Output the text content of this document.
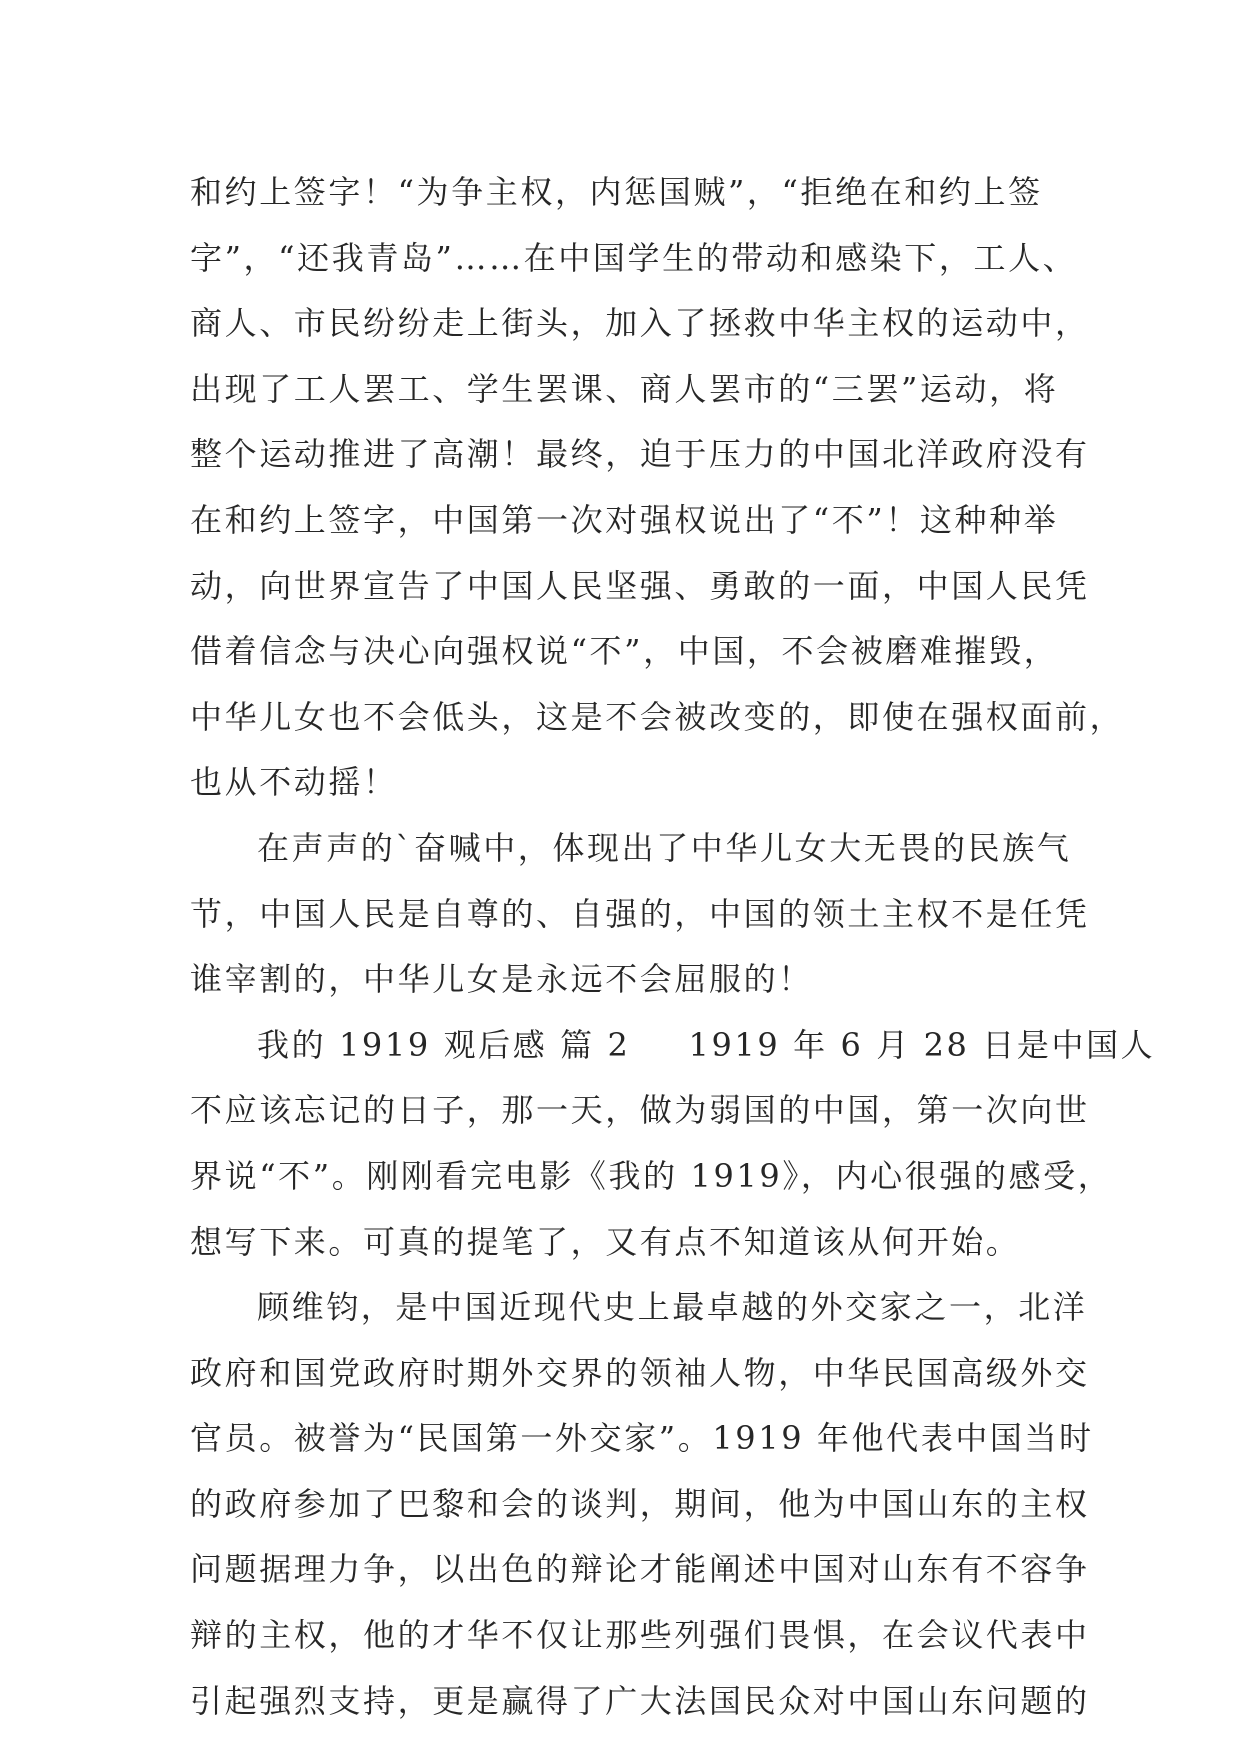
和约上签字！“为争主权，内惩国贼”，“拒绝在和约上签

字”，“还我青岛”……在中国学生的带动和感染下，工人、

商人、市民纷纷走上街头，加入了拯救中华主权的运动中，

出现了工人罢工、学生罢课、商人罢市的“三罢”运动，将

整个运动推进了高潮！最终，迫于压力的中国北洋政府没有

在和约上签字，中国第一次对强权说出了“不”！这种种举

动，向世界宣告了中国人民坚强、勇敢的一面，中国人民凭

借着信念与决心向强权说“不”，中国，不会被磨难摧毁，

中华儿女也不会低头，这是不会被改变的，即使在强权面前，

也从不动摇！

在声声的`奋喊中，体现出了中华儿女大无畏的民族气

节，中国人民是自尊的、自强的，中国的领土主权不是任凭

谁宰割的，中华儿女是永远不会屈服的！

我的 1919 观后感 篇 2 1919 年 6 月 28 日是中国人

不应该忘记的日子，那一天，做为弱国的中国，第一次向世

界说“不”。刚刚看完电影《我的 1919》，内心很强的感受，

想写下来。可真的提笔了，又有点不知道该从何开始。

顾维钧，是中国近现代史上最卓越的外交家之一，北洋

政府和国党政府时期外交界的领袖人物，中华民国高级外交

官员。被誉为“民国第一外交家”。1919 年他代表中国当时

的政府参加了巴黎和会的谈判，期间，他为中国山东的主权

问题据理力争，以出色的辩论才能阐述中国对山东有不容争

辩的主权，他的才华不仅让那些列强们畏惧，在会议代表中

引起强烈支持，更是赢得了广大法国民众对中国山东问题的
